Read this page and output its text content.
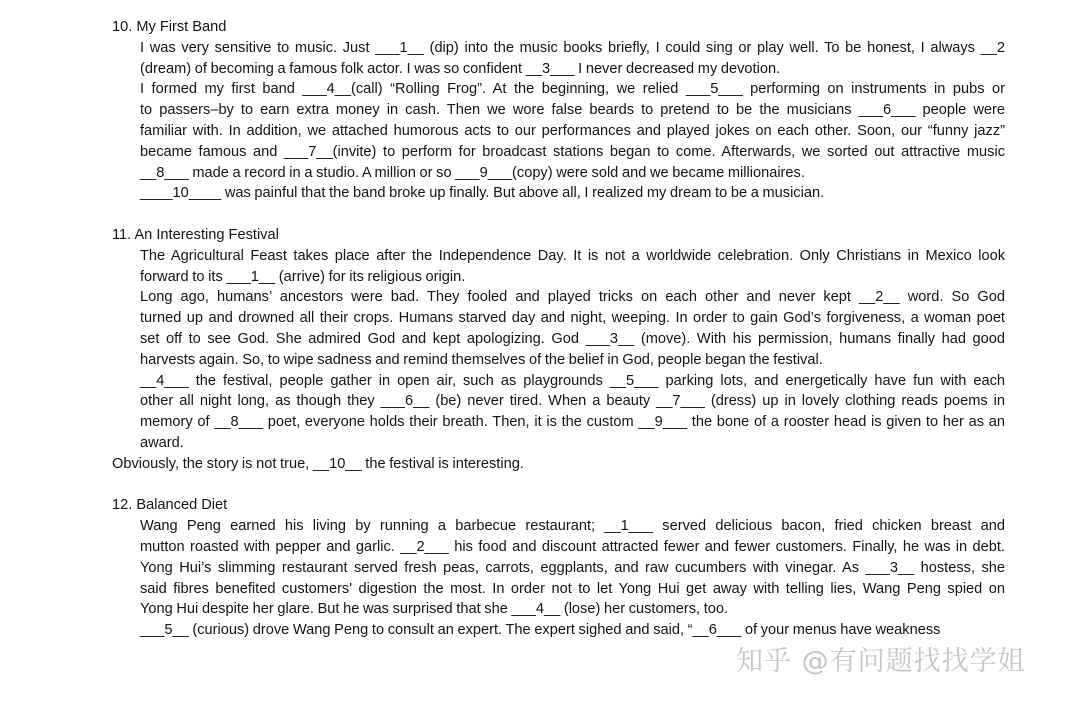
10. My First Band
I was very sensitive to music. Just ___1__ (dip) into the music books briefly, I could sing or play well. To be honest, I always __2
(dream) of becoming a famous folk actor. I was so confident __3___ I never decreased my devotion.
I formed my first band ___4__(call) “Rolling Frog”. At the beginning, we relied ___5___ performing on instruments in pubs or
to passers–by to earn extra money in cash. Then we wore false beards to pretend to be the musicians ___6___ people were
familiar with. In addition, we attached humorous acts to our performances and played jokes on each other. Soon, our “funny jazz”
became famous and ___7__(invite) to perform for broadcast stations began to come. Afterwards, we sorted out attractive music
__8___ made a record in a studio. A million or so ___9___(copy) were sold and we became millionaires.
____10____ was painful that the band broke up finally. But above all, I realized my dream to be a musician.
11. An Interesting Festival
The Agricultural Feast takes place after the Independence Day. It is not a worldwide celebration. Only Christians in Mexico look
forward to its ___1__ (arrive) for its religious origin.
Long ago, humans’ ancestors were bad. They fooled and played tricks on each other and never kept __2__ word. So God
turned up and drowned all their crops. Humans starved day and night, weeping. In order to gain God’s forgiveness, a woman poet
set off to see God. She admired God and kept apologizing. God ___3__ (move). With his permission, humans finally had good
harvests again. So, to wipe sadness and remind themselves of the belief in God, people began the festival.
__4___ the festival, people gather in open air, such as playgrounds __5___ parking lots, and energetically have fun with each
other all night long, as though they ___6__ (be) never tired. When a beauty __7___ (dress) up in lovely clothing reads poems in
memory of __8___ poet, everyone holds their breath. Then, it is the custom __9___ the bone of a rooster head is given to her as an
award.
Obviously, the story is not true, __10__ the festival is interesting.
12. Balanced Diet
Wang Peng earned his living by running a barbecue restaurant; __1___ served delicious bacon, fried chicken breast and
mutton roasted with pepper and garlic. __2___ his food and discount attracted fewer and fewer customers. Finally, he was in debt.
Yong Hui’s slimming restaurant served fresh peas, carrots, eggplants, and raw cucumbers with vinegar. As ___3__ hostess, she
said fibres benefited customers' digestion the most. In order not to let Yong Hui get away with telling lies, Wang Peng spied on
Yong Hui despite her glare. But he was surprised that she ___4__ (lose) her customers, too.
___5__ (curious) drove Wang Peng to consult an expert. The expert sighed and said, “__6___ of your menus have weakness
知乎 @有问题找找学姐
